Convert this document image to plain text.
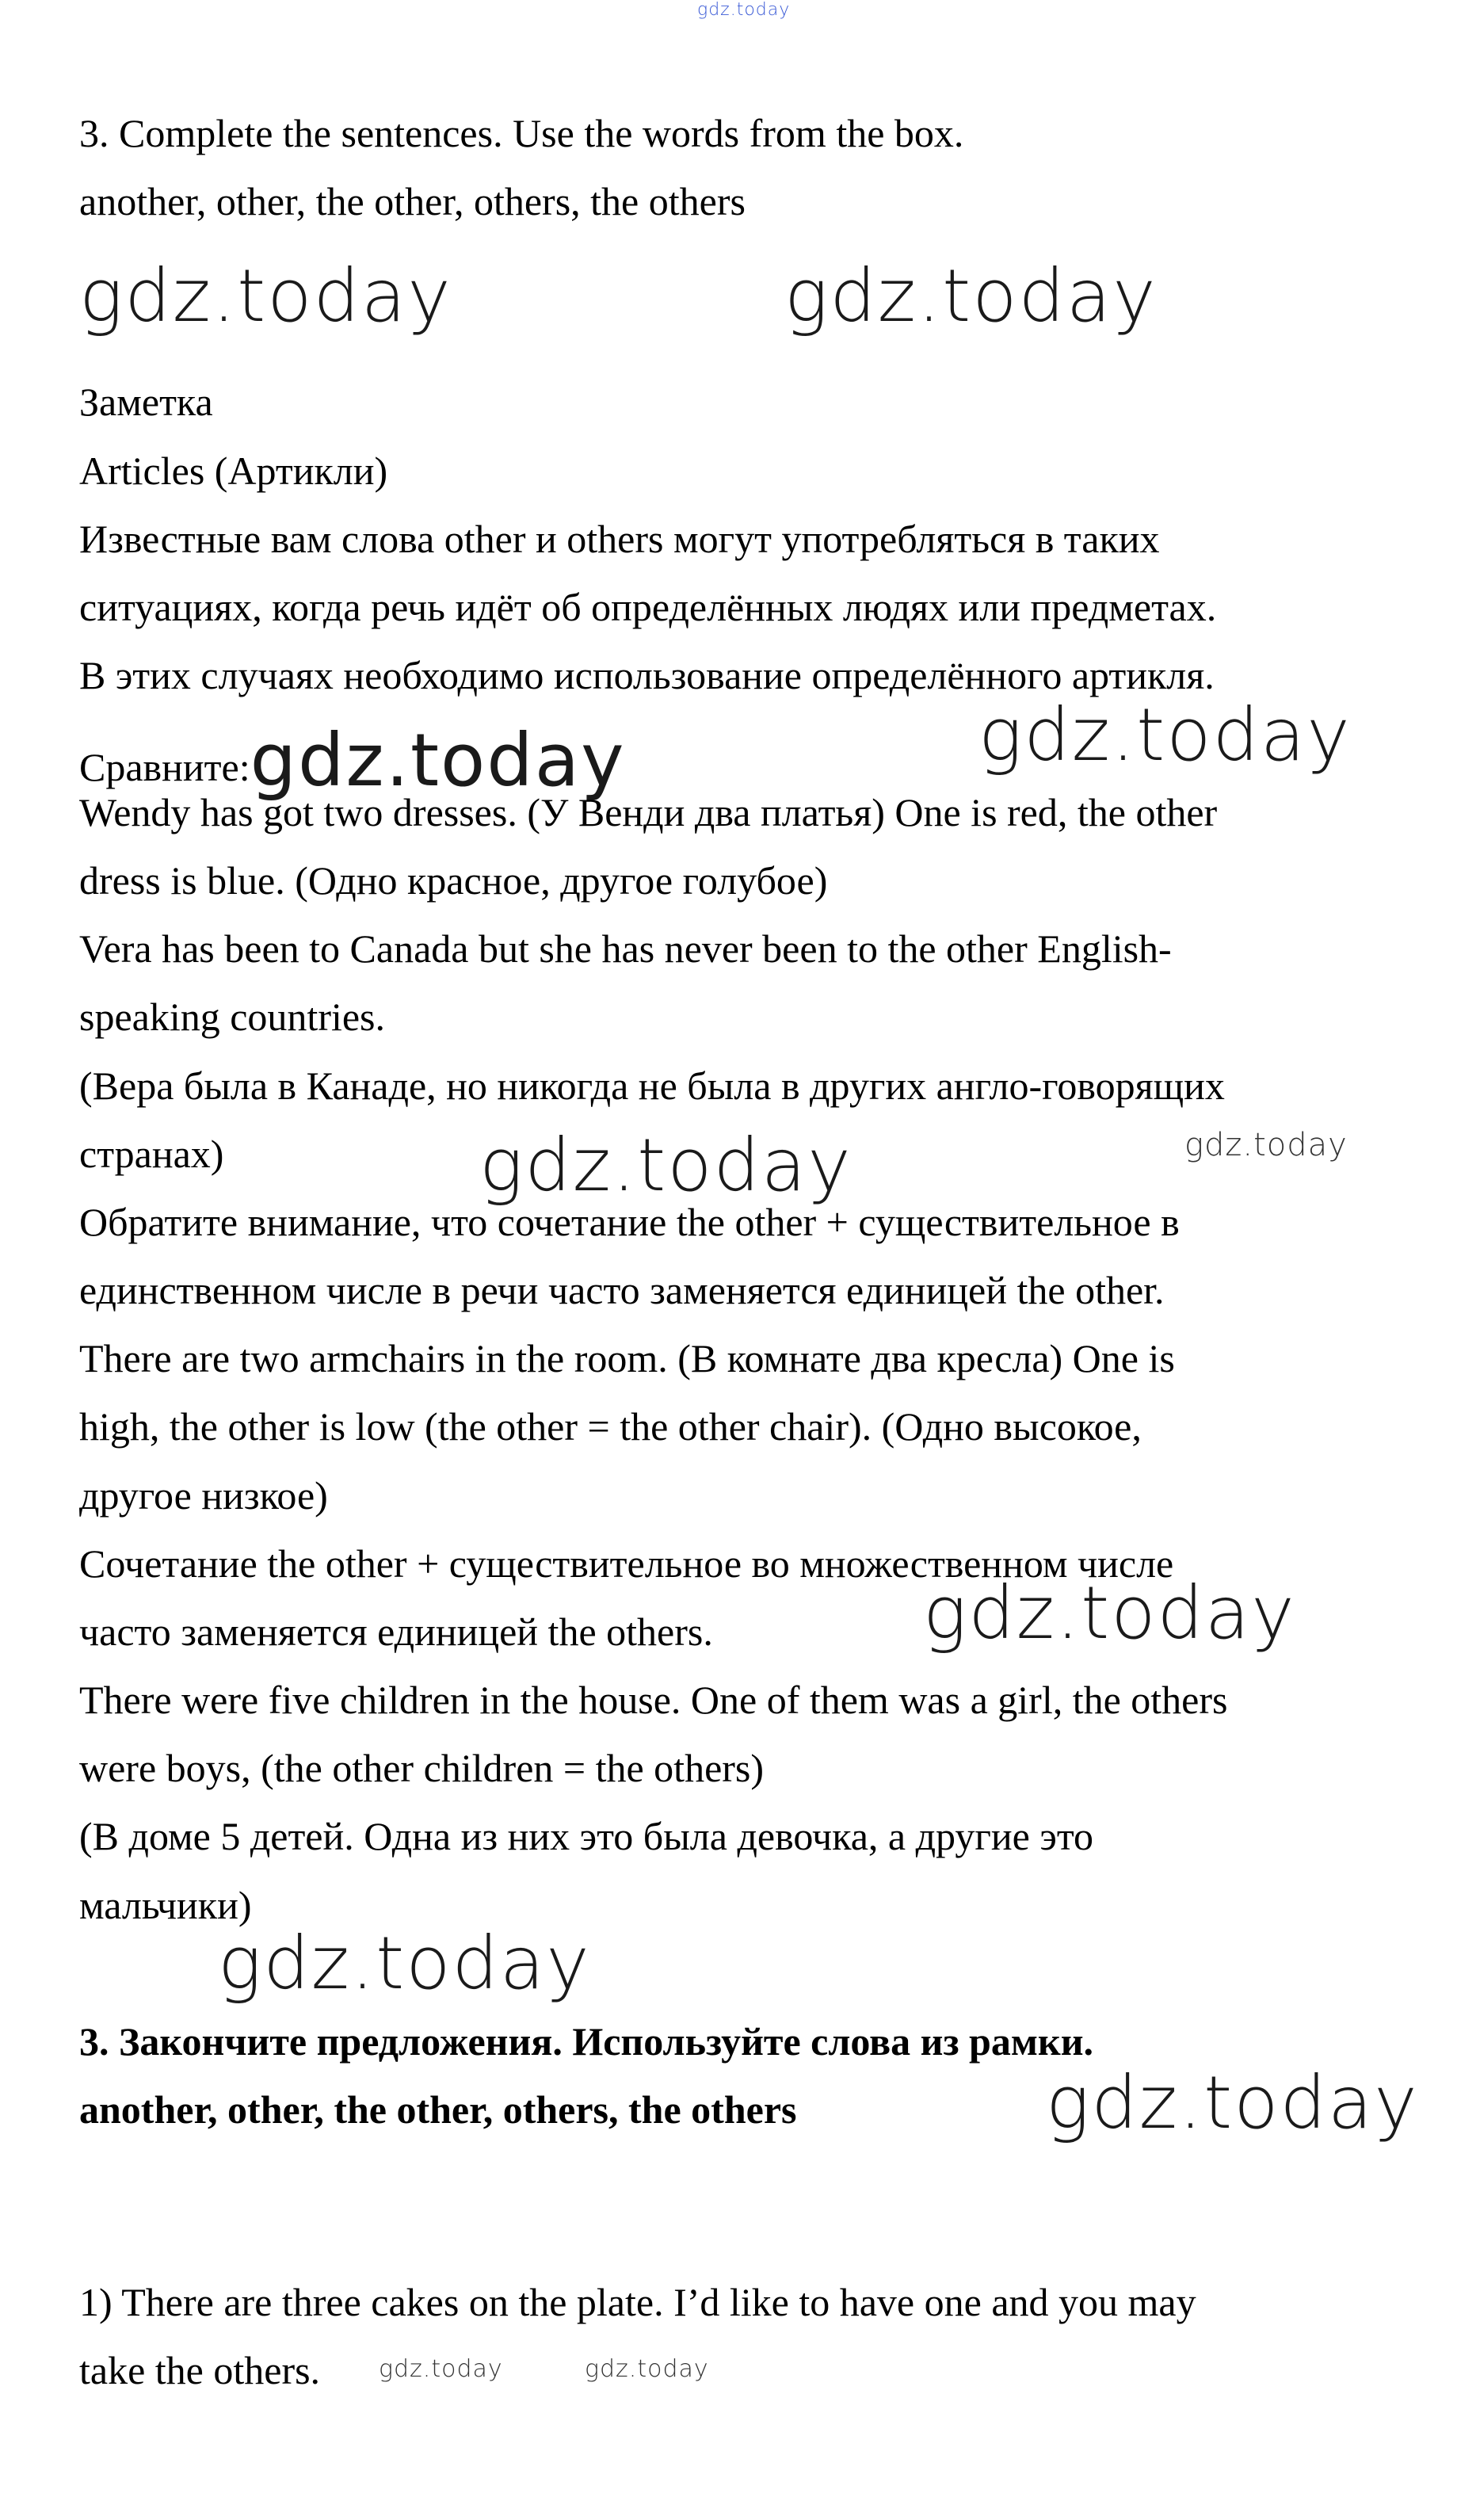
gdz.today
3. Complete the sentences. Use the words from the box.
another, other, the other, others, the others
gdz.today	gdz.today
Заметка
Articles (Артикли)
Известные вам слова other и others могут употребляться в таких
ситуациях, когда речь идёт об определённых людях или предметах.
В этих случаях необходимо использование определённого артикля.
Сравните:gdz.today	gdz.today
Wendy has got two dresses. (У Венди два платья) One is red, the other
dress is blue. (Одно красное, другое голубое)
Vera has been to Canada but she has never been to the other English-
speaking countries.
(Вера была в Канаде, но никогда не была в других англо-говорящих
странах)	gdz.today	gdz.today
Обратите внимание, что сочетание the other + существительное в
единственном числе в речи часто заменяется единицей the other.
There are two armchairs in the room. (В комнате два кресла) One is
high, the other is low (the other = the other chair). (Одно высокое,
другое низкое)
Сочетание the other + существительное во множественном числе
часто заменяется единицей the others.	gdz.today
There were five children in the house. One of them was a girl, the others
were boys, (the other children = the others)
(В доме 5 детей. Одна из них это была девочка, а другие это
мальчики)
gdz.today
3. Закончите предложения. Используйте слова из рамки.
another, other, the other, others, the others	gdz.today
1) There are three cakes on the plate. I’d like to have one and you may
take the others. gdz.today	gdz.today
